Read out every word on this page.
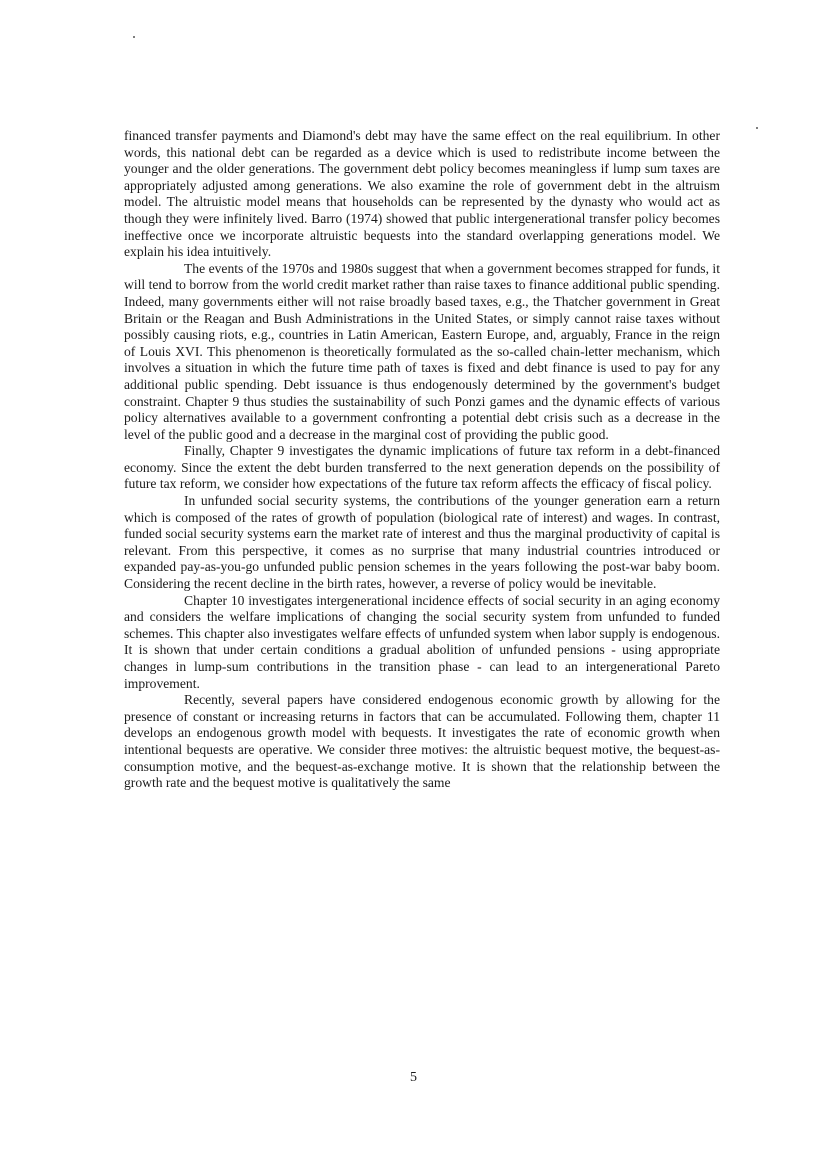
financed transfer payments and Diamond's debt may have the same effect on the real equilibrium. In other words, this national debt can be regarded as a device which is used to redistribute income between the younger and the older generations. The government debt policy becomes meaningless if lump sum taxes are appropriately adjusted among generations. We also examine the role of government debt in the altruism model. The altruistic model means that households can be represented by the dynasty who would act as though they were infinitely lived. Barro (1974) showed that public intergenerational transfer policy becomes ineffective once we incorporate altruistic bequests into the standard overlapping generations model. We explain his idea intuitively.

The events of the 1970s and 1980s suggest that when a government becomes strapped for funds, it will tend to borrow from the world credit market rather than raise taxes to finance additional public spending. Indeed, many governments either will not raise broadly based taxes, e.g., the Thatcher government in Great Britain or the Reagan and Bush Administrations in the United States, or simply cannot raise taxes without possibly causing riots, e.g., countries in Latin American, Eastern Europe, and, arguably, France in the reign of Louis XVI. This phenomenon is theoretically formulated as the so-called chain-letter mechanism, which involves a situation in which the future time path of taxes is fixed and debt finance is used to pay for any additional public spending. Debt issuance is thus endogenously determined by the government's budget constraint. Chapter 9 thus studies the sustainability of such Ponzi games and the dynamic effects of various policy alternatives available to a government confronting a potential debt crisis such as a decrease in the level of the public good and a decrease in the marginal cost of providing the public good.

Finally, Chapter 9 investigates the dynamic implications of future tax reform in a debt-financed economy. Since the extent the debt burden transferred to the next generation depends on the possibility of future tax reform, we consider how expectations of the future tax reform affects the efficacy of fiscal policy.

In unfunded social security systems, the contributions of the younger generation earn a return which is composed of the rates of growth of population (biological rate of interest) and wages. In contrast, funded social security systems earn the market rate of interest and thus the marginal productivity of capital is relevant. From this perspective, it comes as no surprise that many industrial countries introduced or expanded pay-as-you-go unfunded public pension schemes in the years following the post-war baby boom. Considering the recent decline in the birth rates, however, a reverse of policy would be inevitable.

Chapter 10 investigates intergenerational incidence effects of social security in an aging economy and considers the welfare implications of changing the social security system from unfunded to funded schemes. This chapter also investigates welfare effects of unfunded system when labor supply is endogenous. It is shown that under certain conditions a gradual abolition of unfunded pensions - using appropriate changes in lump-sum contributions in the transition phase - can lead to an intergenerational Pareto improvement.

Recently, several papers have considered endogenous economic growth by allowing for the presence of constant or increasing returns in factors that can be accumulated. Following them, chapter 11 develops an endogenous growth model with bequests. It investigates the rate of economic growth when intentional bequests are operative. We consider three motives: the altruistic bequest motive, the bequest-as-consumption motive, and the bequest-as-exchange motive. It is shown that the relationship between the growth rate and the bequest motive is qualitatively the same

5
